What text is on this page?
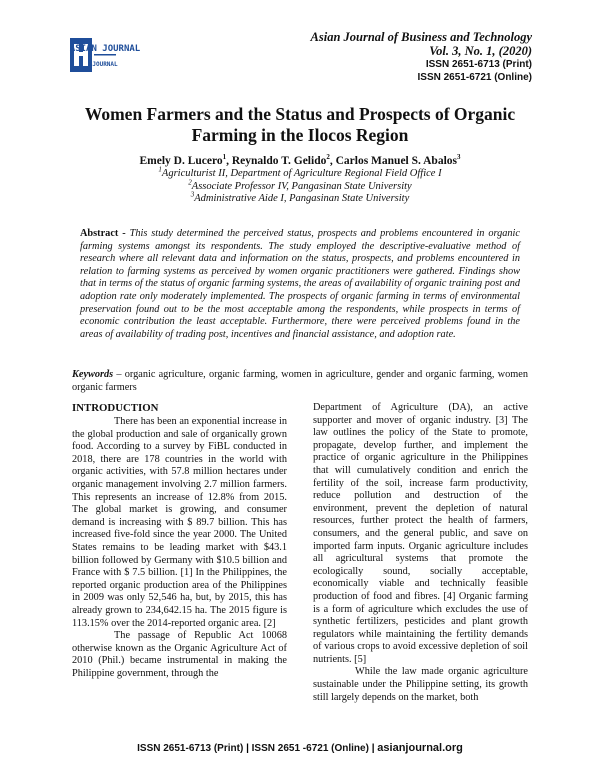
ASIAN JOURNAL
JOURNAL
Asian Journal of Business and Technology
Vol. 3, No. 1, (2020)
ISSN 2651-6713 (Print)
ISSN 2651-6721 (Online)
Women Farmers and the Status and Prospects of Organic Farming in the Ilocos Region
Emely D. Lucero$^1$, Reynaldo T. Gelido$^2$, Carlos Manuel S. Abalos$^3$
$^1$Agriculturist II, Department of Agriculture Regional Field Office I
$^2$Associate Professor IV, Pangasinan State University
$^3$Administrative Aide I, Pangasinan State University
Abstract - This study determined the perceived status, prospects and problems encountered in organic farming systems amongst its respondents. The study employed the descriptive-evaluative method of research where all relevant data and information on the status, prospects, and problems encountered in relation to farming systems as perceived by women organic practitioners were gathered. Findings show that in terms of the status of organic farming systems, the areas of availability of organic training post and adoption rate only moderately implemented. The prospects of organic farming in terms of environmental preservation found out to be the most acceptable among the respondents, while prospects in terms of economic contribution the least acceptable. Furthermore, there were perceived problems found in the areas of availability of trading post, incentives and financial assistance, and adoption rate.
Keywords – organic agriculture, organic farming, women in agriculture, gender and organic farming, women organic farmers
INTRODUCTION

There has been an exponential increase in the global production and sale of organically grown food. According to a survey by FiBL conducted in 2018, there are 178 countries in the world with organic activities, with 57.8 million hectares under organic management involving 2.7 million farmers. This represents an increase of 12.8% from 2015. The global market is growing, and consumer demand is increasing with $ 89.7 billion. This has increased five-fold since the year 2000. The United States remains to be leading market with $43.1 billion followed by Germany with $10.5 billion and France with $ 7.5 billion. [1] In the Philippines, the reported organic production area of the Philippines in 2009 was only 52,546 ha, but, by 2015, this has already grown to 234,642.15 ha. The 2015 figure is 113.15% over the 2014-reported organic area. [2]

The passage of Republic Act 10068 otherwise known as the Organic Agriculture Act of 2010 (Phil.) became instrumental in making the Philippine government, through the

Department of Agriculture (DA), an active supporter and mover of organic industry. [3] The law outlines the policy of the State to promote, propagate, develop further, and implement the practice of organic agriculture in the Philippines that will cumulatively condition and enrich the fertility of the soil, increase farm productivity, reduce pollution and destruction of the environment, prevent the depletion of natural resources, further protect the health of farmers, consumers, and the general public, and save on imported farm inputs. Organic agriculture includes all agricultural systems that promote the ecologically sound, socially acceptable, economically viable and technically feasible production of food and fibres. [4] Organic farming is a form of agriculture which excludes the use of synthetic fertilizers, pesticides and plant growth regulators while maintaining the fertility demands of various crops to avoid excessive depletion of soil nutrients. [5]

While the law made organic agriculture sustainable under the Philippine setting, its growth still largely depends on the market, both

ISSN 2651-6713 (Print) | ISSN 2651 -6721 (Online) | asianjournal.org
